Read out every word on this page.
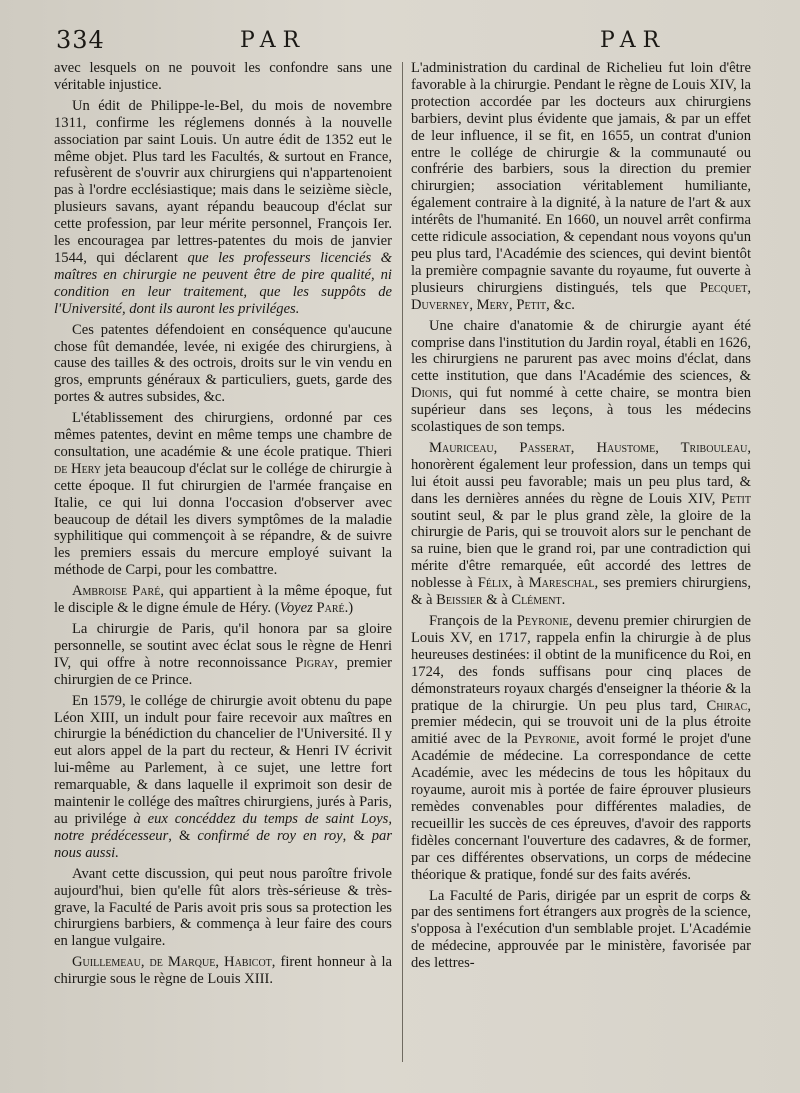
334	PAR	PAR

avec lesquels on ne pouvoit les confondre sans une véritable injustice.

Un édit de Philippe-le-Bel, du mois de novembre 1311, confirme les réglemens donnés à la nouvelle association par saint Louis. Un autre édit de 1352 eut le même objet. Plus tard les Facultés, & surtout en France, refusèrent de s'ouvrir aux chirurgiens qui n'appartenoient pas à l'ordre ecclésiastique; mais dans le seizième siècle, plusieurs savans, ayant répandu beaucoup d'éclat sur cette profession, par leur mérite personnel, François Ier. les encouragea par lettres-patentes du mois de janvier 1544, qui déclarent que les professeurs licenciés & maîtres en chirurgie ne peuvent être de pire qualité, ni condition en leur traitement, que les suppôts de l'Université, dont ils auront les priviléges.

Ces patentes défendoient en conséquence qu'aucune chose fût demandée, levée, ni exigée des chirurgiens, à cause des tailles & des octrois, droits sur le vin vendu en gros, emprunts généraux & particuliers, guets, garde des portes & autres subsides, &c.

L'établissement des chirurgiens, ordonné par ces mêmes patentes, devint en même temps une chambre de consultation, une académie & une école pratique. Thieri de Hery jeta beaucoup d'éclat sur le collége de chirurgie à cette époque. Il fut chirurgien de l'armée française en Italie, ce qui lui donna l'occasion d'observer avec beaucoup de détail les divers symptômes de la maladie syphilitique qui commençoit à se répandre, & de suivre les premiers essais du mercure employé suivant la méthode de Carpi, pour les combattre.

Ambroise Paré, qui appartient à la même époque, fut le disciple & le digne émule de Héry. (Voyez Paré.)

La chirurgie de Paris, qu'il honora par sa gloire personnelle, se soutint avec éclat sous le règne de Henri IV, qui offre à notre reconnoissance Pigray, premier chirurgien de ce Prince.

En 1579, le collége de chirurgie avoit obtenu du pape Léon XIII, un indult pour faire recevoir aux maîtres en chirurgie la bénédiction du chancelier de l'Université. Il y eut alors appel de la part du recteur, & Henri IV écrivit lui-même au Parlement, à ce sujet, une lettre fort remarquable, & dans laquelle il exprimoit son desir de maintenir le collége des maîtres chirurgiens, jurés à Paris, au privilége à eux concéddez du temps de saint Loys, notre prédécesseur, & confirmé de roy en roy, & par nous aussi.

Avant cette discussion, qui peut nous paroître frivole aujourd'hui, bien qu'elle fût alors très-sérieuse & très-grave, la Faculté de Paris avoit pris sous sa protection les chirurgiens barbiers, & commença à leur faire des cours en langue vulgaire.

Guillemeau, de Marque, Habicot, firent honneur à la chirurgie sous le règne de Louis XIII.

L'administration du cardinal de Richelieu fut loin d'être favorable à la chirurgie. Pendant le règne de Louis XIV, la protection accordée par les docteurs aux chirurgiens barbiers, devint plus évidente que jamais, & par un effet de leur influence, il se fit, en 1655, un contrat d'union entre le collége de chirurgie & la communauté ou confrérie des barbiers, sous la direction du premier chirurgien; association véritablement humiliante, également contraire à la dignité, à la nature de l'art & aux intérêts de l'humanité. En 1660, un nouvel arrêt confirma cette ridicule association, & cependant nous voyons qu'un peu plus tard, l'Académie des sciences, qui devint bientôt la première compagnie savante du royaume, fut ouverte à plusieurs chirurgiens distingués, tels que Pecquet, Duverney, Mery, Petit, &c.

Une chaire d'anatomie & de chirurgie ayant été comprise dans l'institution du Jardin royal, établi en 1626, les chirurgiens ne parurent pas avec moins d'éclat, dans cette institution, que dans l'Académie des sciences, & Dionis, qui fut nommé à cette chaire, se montra bien supérieur dans ses leçons, à tous les médecins scolastiques de son temps.

Mauriceau, Passerat, Haustome, Tribouleau, honorèrent également leur profession, dans un temps qui lui étoit aussi peu favorable; mais un peu plus tard, & dans les dernières années du règne de Louis XIV, Petit soutint seul, & par le plus grand zèle, la gloire de la chirurgie de Paris, qui se trouvoit alors sur le penchant de sa ruine, bien que le grand roi, par une contradiction qui mérite d'être remarquée, eût accordé des lettres de noblesse à Félix, à Mareschal, ses premiers chirurgiens, & à Beissier & à Clément.

François de la Peyronie, devenu premier chirurgien de Louis XV, en 1717, rappela enfin la chirurgie à de plus heureuses destinées: il obtint de la munificence du Roi, en 1724, des fonds suffisans pour cinq places de démonstrateurs royaux chargés d'enseigner la théorie & la pratique de la chirurgie. Un peu plus tard, Chirac, premier médecin, qui se trouvoit uni de la plus étroite amitié avec de la Peyronie, avoit formé le projet d'une Académie de médecine. La correspondance de cette Académie, avec les médecins de tous les hôpitaux du royaume, auroit mis à portée de faire éprouver plusieurs remèdes convenables pour différentes maladies, de recueillir les succès de ces épreuves, d'avoir des rapports fidèles concernant l'ouverture des cadavres, & de former, par ces différentes observations, un corps de médecine théorique & pratique, fondé sur des faits avérés.

La Faculté de Paris, dirigée par un esprit de corps & par des sentimens fort étrangers aux progrès de la science, s'opposa à l'exécution d'un semblable projet. L'Académie de médecine, approuvée par le ministère, favorisée par des lettres-
